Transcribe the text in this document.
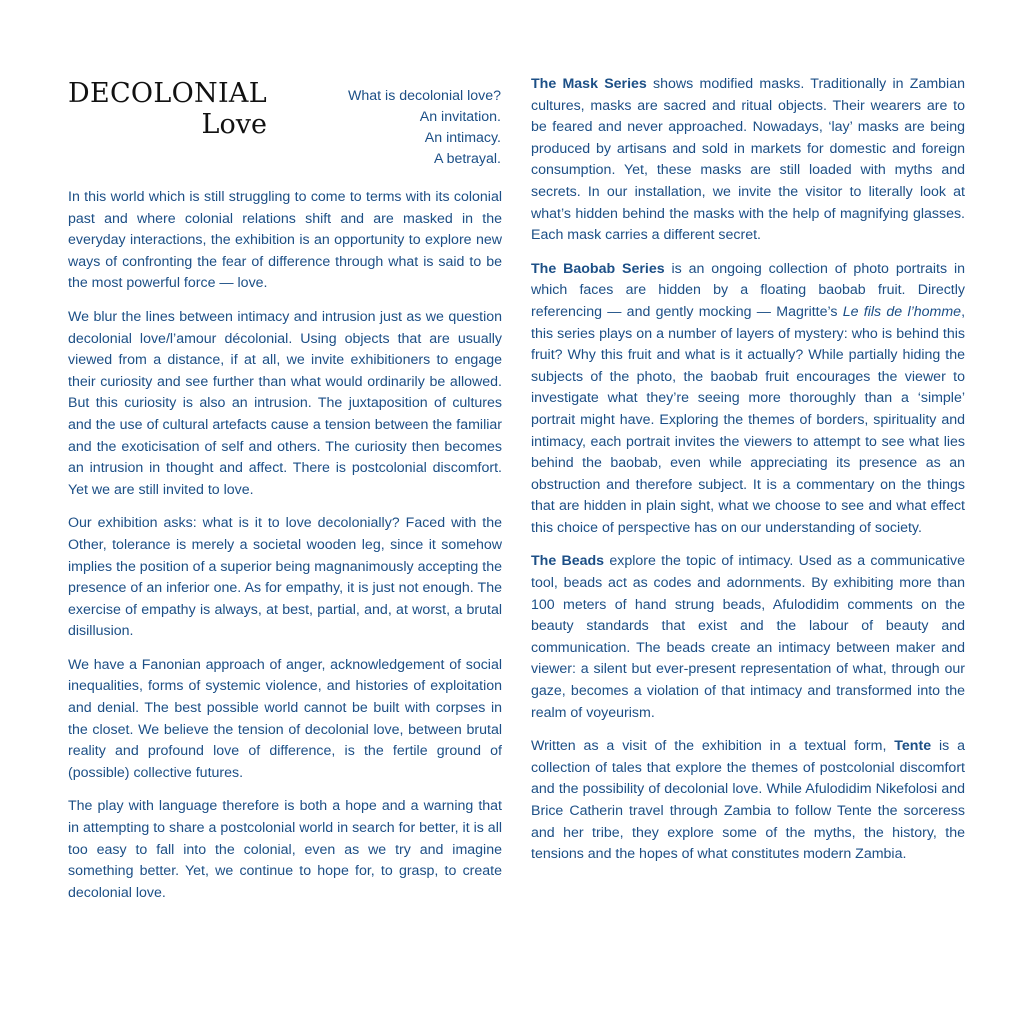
DECOLONIAL
Love
What is decolonial love?
An invitation.
An intimacy.
A betrayal.

In this world which is still struggling to come to terms with its colonial past and where colonial relations shift and are masked in the everyday interactions, the exhibition is an opportunity to explore new ways of confronting the fear of difference through what is said to be the most powerful force — love.

We blur the lines between intimacy and intrusion just as we question decolonial love/l’amour décolonial. Using objects that are usually viewed from a distance, if at all, we invite exhibitioners to engage their curiosity and see further than what would ordinarily be allowed. But this curiosity is also an intrusion. The juxtaposition of cultures and the use of cultural artefacts cause a tension between the familiar and the exoticisation of self and others. The curiosity then becomes an intrusion in thought and affect. There is postcolonial discomfort. Yet we are still invited to love.

Our exhibition asks: what is it to love decolonially? Faced with the Other, tolerance is merely a societal wooden leg, since it somehow implies the position of a superior being magnanimously accepting the presence of an inferior one. As for empathy, it is just not enough. The exercise of empathy is always, at best, partial, and, at worst, a brutal disillusion.

We have a Fanonian approach of anger, acknowledgement of social inequalities, forms of systemic violence, and histories of exploitation and denial. The best possible world cannot be built with corpses in the closet. We believe the tension of decolonial love, between brutal reality and profound love of difference, is the fertile ground of (possible) collective futures.

The play with language therefore is both a hope and a warning that in attempting to share a postcolonial world in search for better, it is all too easy to fall into the colonial, even as we try and imagine something better. Yet, we continue to hope for, to grasp, to create decolonial love.

The Mask Series shows modified masks. Traditionally in Zambian cultures, masks are sacred and ritual objects. Their wearers are to be feared and never approached. Nowadays, ‘lay’ masks are being produced by artisans and sold in markets for domestic and foreign consumption. Yet, these masks are still loaded with myths and secrets. In our installation, we invite the visitor to literally look at what’s hidden behind the masks with the help of magnifying glasses. Each mask carries a different secret.

The Baobab Series is an ongoing collection of photo portraits in which faces are hidden by a floating baobab fruit. Directly referencing — and gently mocking — Magritte’s Le fils de l’homme, this series plays on a number of layers of mystery: who is behind this fruit? Why this fruit and what is it actually? While partially hiding the subjects of the photo, the baobab fruit encourages the viewer to investigate what they’re seeing more thoroughly than a ‘simple’ portrait might have. Exploring the themes of borders, spirituality and intimacy, each portrait invites the viewers to attempt to see what lies behind the baobab, even while appreciating its presence as an obstruction and therefore subject. It is a commentary on the things that are hidden in plain sight, what we choose to see and what effect this choice of perspective has on our understanding of society.

The Beads explore the topic of intimacy. Used as a communicative tool, beads act as codes and adornments. By exhibiting more than 100 meters of hand strung beads, Afulodidim comments on the beauty standards that exist and the labour of beauty and communication. The beads create an intimacy between maker and viewer: a silent but ever-present representation of what, through our gaze, becomes a violation of that intimacy and transformed into the realm of voyeurism.

Written as a visit of the exhibition in a textual form, Tente is a collection of tales that explore the themes of postcolonial discomfort and the possibility of decolonial love. While Afulodidim Nikefolosi and Brice Catherin travel through Zambia to follow Tente the sorceress and her tribe, they explore some of the myths, the history, the tensions and the hopes of what constitutes modern Zambia.
